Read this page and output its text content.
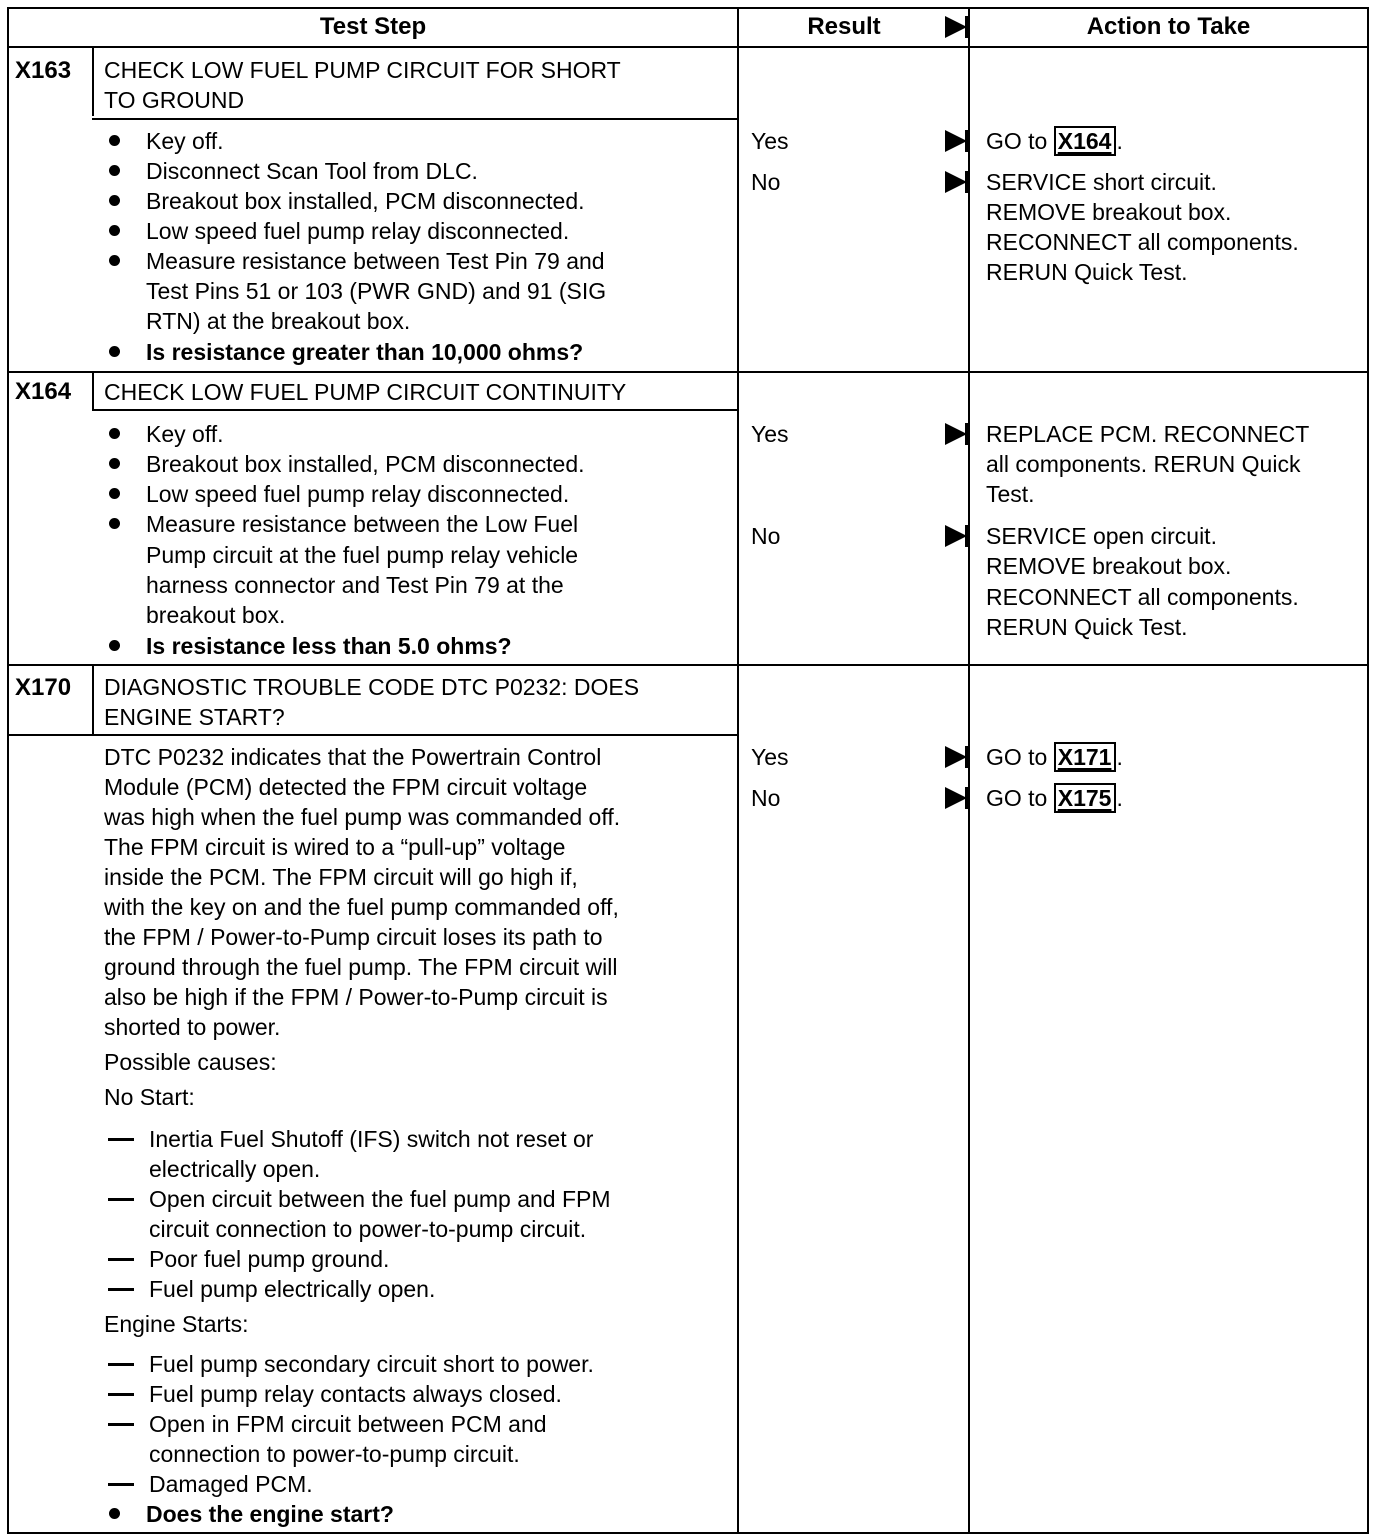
Test Step	Result	Action to Take
X163 CHECK LOW FUEL PUMP CIRCUIT FOR SHORT
TO GROUND
Key off.
Disconnect Scan Tool from DLC.
Breakout box installed, PCM disconnected.
Low speed fuel pump relay disconnected.
Measure resistance between Test Pin 79 and
Test Pins 51 or 103 (PWR GND) and 91 (SIG
RTN) at the breakout box.
Is resistance greater than 10,000 ohms?
Yes	GO to X164 .
No	SERVICE short circuit.
REMOVE breakout box.
RECONNECT all components.
RERUN Quick Test.
X164 CHECK LOW FUEL PUMP CIRCUIT CONTINUITY
Key off.
Breakout box installed, PCM disconnected.
Low speed fuel pump relay disconnected.
Measure resistance between the Low Fuel
Pump circuit at the fuel pump relay vehicle
harness connector and Test Pin 79 at the
breakout box.
Is resistance less than 5.0 ohms?
Yes	REPLACE PCM. RECONNECT
all components. RERUN Quick
Test.
No	SERVICE open circuit.
REMOVE breakout box.
RECONNECT all components.
RERUN Quick Test.
X170 DIAGNOSTIC TROUBLE CODE DTC P0232: DOES
ENGINE START?
DTC P0232 indicates that the Powertrain Control
Module (PCM) detected the FPM circuit voltage
was high when the fuel pump was commanded off.
The FPM circuit is wired to a “pull-up” voltage
inside the PCM. The FPM circuit will go high if,
with the key on and the fuel pump commanded off,
the FPM / Power-to-Pump circuit loses its path to
ground through the fuel pump. The FPM circuit will
also be high if the FPM / Power-to-Pump circuit is
shorted to power.
Possible causes:
No Start:
Inertia Fuel Shutoff (IFS) switch not reset or
electrically open.
Open circuit between the fuel pump and FPM
circuit connection to power-to-pump circuit.
Poor fuel pump ground.
Fuel pump electrically open.
Engine Starts:
Fuel pump secondary circuit short to power.
Fuel pump relay contacts always closed.
Open in FPM circuit between PCM and
connection to power-to-pump circuit.
Damaged PCM.
Does the engine start?
Yes	GO to X171 .
No	GO to X175 .
